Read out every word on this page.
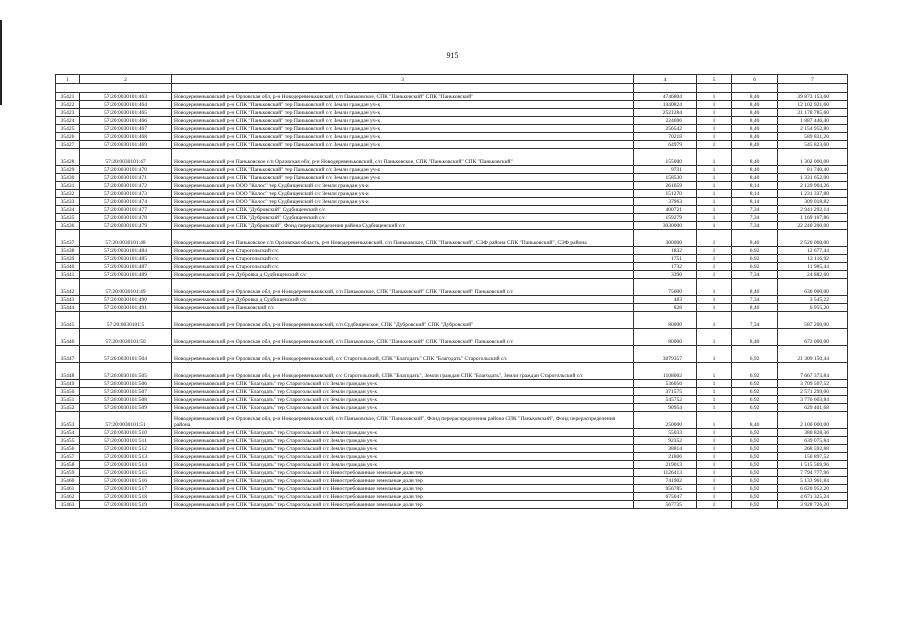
915
1	2	3	4	5	6	7

35421	57:20:0030101:463	Новодеревеньковский р-н Орловская обл, р-н Новодеревеньковский, с/п Паньковское, СПК "Паньковский" СПК "Паньковский"	4746804	1	8,40	39 873 153,60
35422	57:20:0030101:464	Новодеревеньковский р-н СПК "Паньковский" тер Паньковский с/с Земли граждан уч-к	1440824	1	8,40	12 102 921,60
35423	57:20:0030101:465	Новодеревеньковский р-н СПК "Паньковский" тер Паньковский с/с Земли граждан уч-к	2521284	1	8,40	21 178 785,60
35424	57:20:0030101:466	Новодеревеньковский р-н СПК "Паньковский" тер Паньковский с/с Земли граждан уч-к	224696	1	8,40	1 887 446,40
35425	57:20:0030101:467	Новодеревеньковский р-н СПК "Паньковский" тер Паньковский с/с Земли граждан уч-к	256542	1	8,40	2 154 952,80
35426	57:20:0030101:468	Новодеревеньковский р-н СПК "Паньковский" тер Паньковский с/с Земли граждан уч-к	70218	1	8,40	589 831,20
35427	57:20:0030101:469	Новодеревеньковский р-н СПК "Паньковский" тер Паньковский с/с Земли граждан уч-к	64979	1	8,40	545 823,60
35428	57:20:0030101:47	Новодеревеньковский р-н Паньковское с/п Орловская обл, р-н Новодеревеньковский, с/п Паньковское, СПК "Паньковский" СПК "Паньковский"	155000	1	8,40	1 302 000,00
35429	57:20:0030101:470	Новодеревеньковский р-н СПК "Паньковский" тер Паньковский с/с Земли граждан уч-к	9731	1	8,40	81 740,40
35430	57:20:0030101:471	Новодеревеньковский р-н СПК "Паньковский" тер Паньковский с/с Земли граждан уч-к	158530	1	8,40	1 331 652,00
35431	57:20:0030101:472	Новодеревеньковский р-н ООО "Колос" тер Судбищенский с/с Земли граждан уч-к	261659	1	8,14	2 129 904,26
35432	57:20:0030101:473	Новодеревеньковский р-н ООО "Колос" тер Судбищенский с/с Земли граждан уч-к	151270	1	8,14	1 231 337,80
35433	57:20:0030101:474	Новодеревеньковский р-н ООО "Колос" тер Судбищенский с/с Земли граждан уч-к	37963	1	8,14	309 018,82
35434	57:20:0030101:477	Новодеревеньковский р-н СПК "Дубровский" Судбищенский с/с	400721	1	7,34	2 941 292,14
35435	57:20:0030101:478	Новодеревеньковский р-н СПК "Дубровский" Судбищенский с/с	159279	1	7,34	1 169 107,86
35436	57:20:0030101:479	Новодеревеньковский р-н СПК "Дубровский", Фонд перераспределения района Судбищенский с/с	3030000	1	7,34	22 240 200,00
35437	57:20:0030101:48	Новодеревеньковский р-н Паньковское с/п Орловская область, р-н Новодеревеньковский, с/п Паньковское, СПК "Паньковский", СЭФ района СПК "Паньковский", СЭФ района	300000	1	8,40	2 520 000,00
35438	57:20:0030101:484	Новодеревеньковский р-н Старогольский с/с	1832	1	6,92	12 677,44
35439	57:20:0030101:485	Новодеревеньковский р-н Старогольский с/с	1751	1	6,92	12 116,92
35440	57:20:0030101:487	Новодеревеньковский р-н Старогольский с/с	1732	1	6,92	11 985,44
35441	57:20:0030101:489	Новодеревеньковский р-н Дубровка д Судбищенский с/с	3390	1	7,34	24 882,60
35442	57:20:0030101:49	Новодеревеньковский р-н Орловская обл, р-н Новодеревеньковский, с/п Паньковское, СПК "Паньковский" СПК "Паньковский" Паньковский с/с	75000	1	8,40	630 000,00
35443	57:20:0030101:490	Новодеревеньковский р-н Дубровка д Судбищенский с/с	483	1	7,34	3 545,22
35444	57:20:0030101:491	Новодеревеньковский р-н Паньковский с/с	828	1	8,40	6 955,20
35445	57:20:0030101:5	Новодеревеньковский р-н Орловская обл, р-н Новодеревеньковский, с/п Судбищенское, СПК "Дубровский" СПК "Дубровский"	80000	1	7,34	587 200,00
35446	57:20:0030101:50	Новодеревеньковский р-н Орловская обл, р-н Новодеревеньковский, с/п Паньковское, СПК "Паньковский" СПК "Паньковский" Паньковский с/с	80000	1	8,40	672 000,00
35447	57:20:0030101:504	Новодеревеньковский р-н Орловская обл, р-н Новодеревеньковский, с/с Старогольский, СПК "Благодать" СПК "Благодать" Старогольский с/с	3079357	1	6,92	21 309 150,44
35448	57:20:0030101:505	Новодеревеньковский р-н Орловская обл, р-н Новодеревеньковский, с/с Старогольский, СПК "Благодать", Земли граждан СПК "Благодать", Земли граждан Старогольский с/с	1108002	1	6,92	7 667 373,84
35449	57:20:0030101:506	Новодеревеньковский р-н СПК "Благодать" тер Старогольский с/с Земли граждан уч-к	536056	1	6,92	3 709 507,52
35450	57:20:0030101:507	Новодеревеньковский р-н СПК "Благодать" тер Старогольский с/с Земли граждан уч-к	371575	1	6,92	2 571 299,00
35451	57:20:0030101:508	Новодеревеньковский р-н СПК "Благодать" тер Старогольский с/с Земли граждан уч-к	545752	1	6,92	3 776 603,84
35452	57:20:0030101:509	Новодеревеньковский р-н СПК "Благодать" тер Старогольский с/с Земли граждан уч-к	90954	1	6,92	629 401,68
35453	57:20:0030101:51	Новодеревеньковский р-н Орловская обл, р-н Новодеревеньковский, с/п Паньковское, СПК "Паньковский", Фонд перераспределения района СПК "Паньковский", Фонд перераспределения района	250000	1	8,40	2 100 000,00
35454	57:20:0030101:510	Новодеревеньковский р-н СПК "Благодать" тер Старогольский с/с Земли граждан уч-к	55033	1	6,92	380 828,36
35455	57:20:0030101:511	Новодеревеньковский р-н СПК "Благодать" тер Старогольский с/с Земли граждан уч-к	92352	1	6,92	639 075,84
35456	57:20:0030101:512	Новодеревеньковский р-н СПК "Благодать" тер Старогольский с/с Земли граждан уч-к	38814	1	6,92	268 592,88
35457	57:20:0030101:513	Новодеревеньковский р-н СПК "Благодать" тер Старогольский с/с Земли граждан уч-к	21806	1	6,92	150 897,52
35458	57:20:0030101:514	Новодеревеньковский р-н СПК "Благодать" тер Старогольский с/с Земли граждан уч-к	219013	1	6,92	1 515 569,96
35459	57:20:0030101:515	Новодеревеньковский р-н СПК "Благодать" тер Старогольский с/с Невостребованные земельные доли тер	1126413	1	6,92	7 794 777,96
35460	57:20:0030101:516	Новодеревеньковский р-н СПК "Благодать" тер Старогольский с/с Невостребованные земельные доли тер	741902	1	6,92	5 133 961,84
35461	57:20:0030101:517	Новодеревеньковский р-н СПК "Благодать" тер Старогольский с/с Невостребованные земельные доли тер	956785	1	6,92	6 620 952,20
35462	57:20:0030101:518	Новодеревеньковский р-н СПК "Благодать" тер Старогольский с/с Невостребованные земельные доли тер	675047	1	6,92	4 671 325,24
35463	57:20:0030101:519	Новодеревеньковский р-н СПК "Благодать" тер Старогольский с/с Невостребованные земельные доли тер	567735	1	6,92	3 928 726,20
